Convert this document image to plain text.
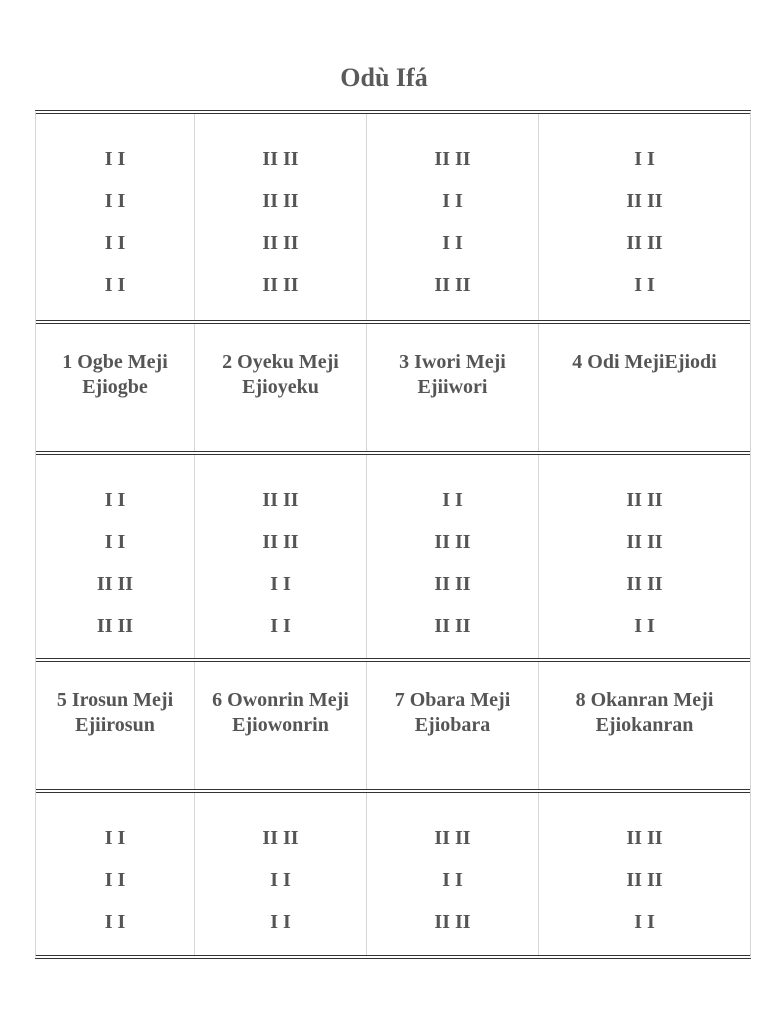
Odù Ifá
I I
I I
I I
I I
II II
II II
II II
II II
II II
I I
I I
II II
I I
II II
II II
I I
1 Ogbe Meji Ejiogbe
2 Oyeku Meji Ejioyeku
3 Iwori Meji Ejiiwori
4 Odi MejiEjiodi
I I
I I
II II
II II
II II
II II
I I
I I
I I
II II
II II
II II
II II
II II
II II
I I
5 Irosun Meji Ejiirosun
6 Owonrin Meji Ejiowonrin
7 Obara Meji Ejiobara
8 Okanran Meji Ejiokanran
I I
I I
I I
II II
I I
I I
II II
I I
II II
II II
II II
I I
